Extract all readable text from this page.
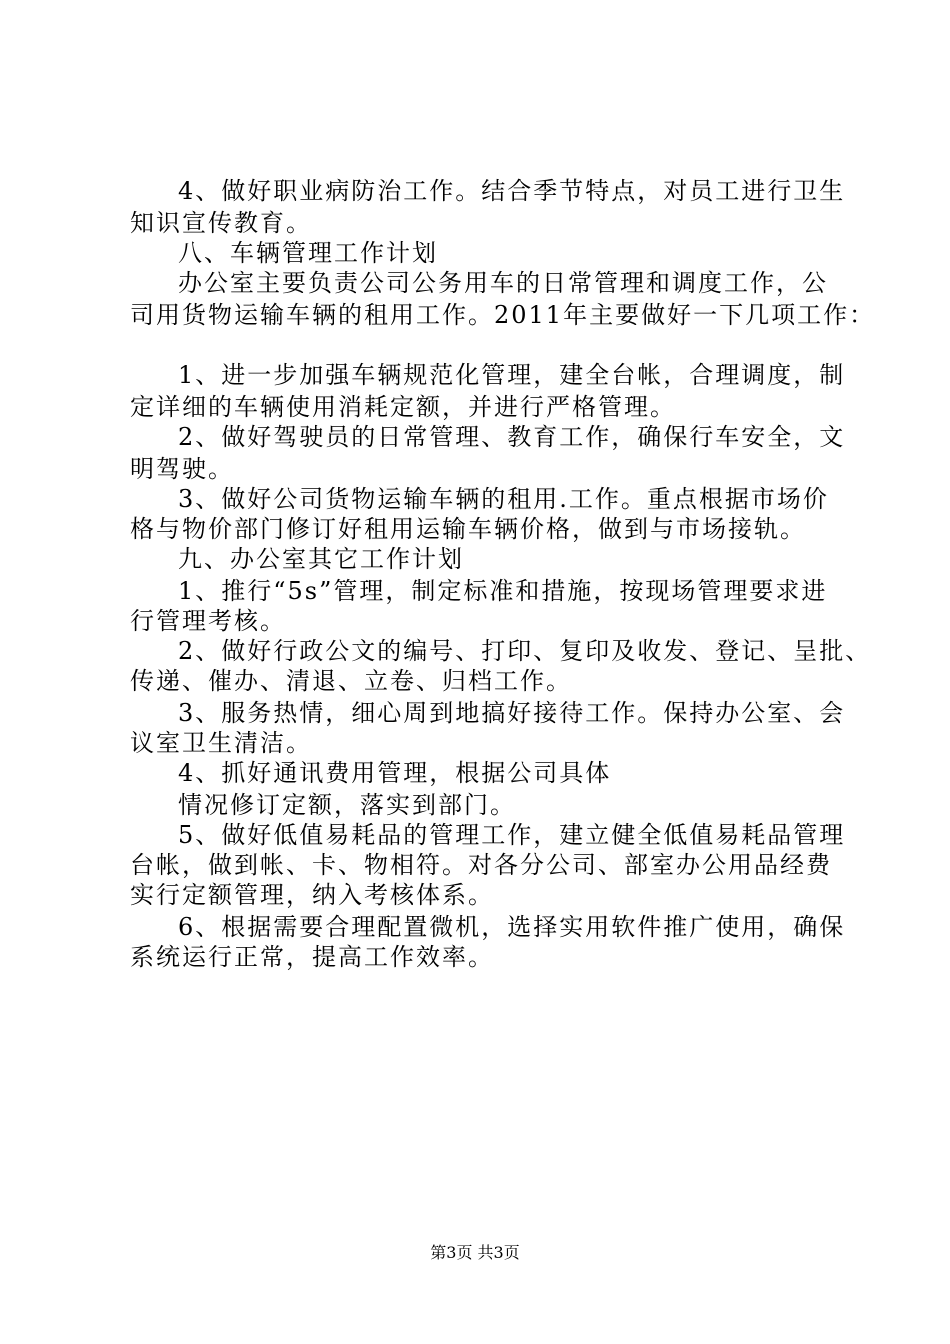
4、做好职业病防治工作。结合季节特点，对员工进行卫生
知识宣传教育。
八、车辆管理工作计划
办公室主要负责公司公务用车的日常管理和调度工作，公
司用货物运输车辆的租用工作。2011年主要做好一下几项工作：
1、进一步加强车辆规范化管理，建全台帐，合理调度，制
定详细的车辆使用消耗定额，并进行严格管理。
2、做好驾驶员的日常管理、教育工作，确保行车安全，文
明驾驶。
3、做好公司货物运输车辆的租用.工作。重点根据市场价
格与物价部门修订好租用运输车辆价格，做到与市场接轨。
九、办公室其它工作计划
1、推行“5s”管理，制定标准和措施，按现场管理要求进
行管理考核。
2、做好行政公文的编号、打印、复印及收发、登记、呈批、
传递、催办、清退、立卷、归档工作。
3、服务热情，细心周到地搞好接待工作。保持办公室、会
议室卫生清洁。
4、抓好通讯费用管理，根据公司具体
情况修订定额，落实到部门。
5、做好低值易耗品的管理工作，建立健全低值易耗品管理
台帐，做到帐、卡、物相符。对各分公司、部室办公用品经费
实行定额管理，纳入考核体系。
6、根据需要合理配置微机，选择实用软件推广使用，确保
系统运行正常，提高工作效率。
第3页 共3页
